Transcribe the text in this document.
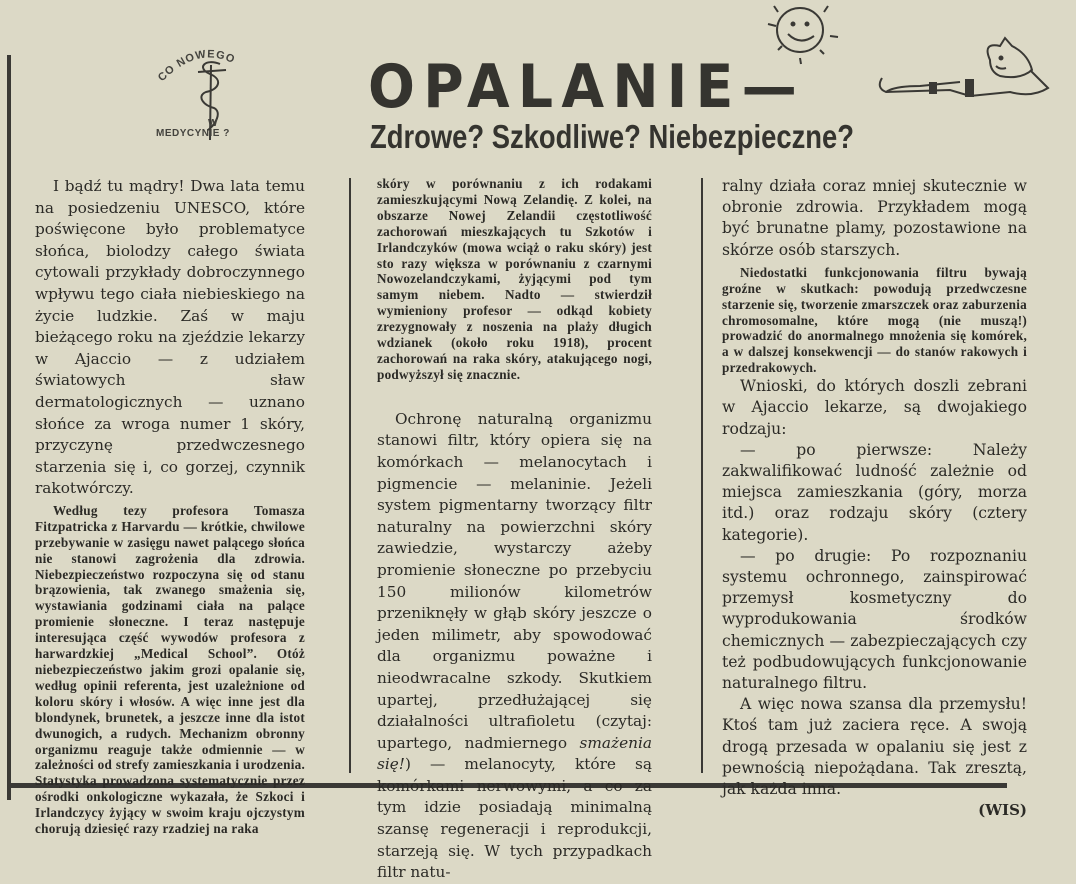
CO NOWEGO
W
MEDYCYNIE ?
OPALANIE—
Zdrowe? Szkodliwe? Niebezpieczne?

I bądź tu mądry! Dwa lata temu na posiedzeniu UNESCO, które poświęcone było problematyce słońca, biolodzy całego świata cytowali przykłady dobroczynnego wpływu tego ciała niebieskiego na życie ludzkie. Zaś w maju bieżącego roku na zjeździe lekarzy w Ajaccio — z udziałem światowych sław dermatologicznych — uznano słońce za wroga numer 1 skóry, przyczynę przedwczesnego starzenia się i, co gorzej, czynnik rakotwórczy.

Według tezy profesora Tomasza Fitzpatricka z Harvardu — krótkie, chwilowe przebywanie w zasięgu nawet palącego słońca nie stanowi zagrożenia dla zdrowia. Niebezpieczeństwo rozpoczyna się od stanu brązowienia, tak zwanego smażenia się, wystawiania godzinami ciała na palące promienie słoneczne. I teraz następuje interesująca część wywodów profesora z harwardzkiej „Medical School”. Otóż niebezpieczeństwo jakim grozi opalanie się, według opinii referenta, jest uzależnione od koloru skóry i włosów. A więc inne jest dla blondynek, brunetek, a jeszcze inne dla istot dwunogich, a rudych. Mechanizm obronny organizmu reaguje także odmiennie — w zależności od strefy zamieszkania i urodzenia. Statystyka prowadzona systematycznie przez ośrodki onkologiczne wykazała, że Szkoci i Irlandczycy żyjący w swoim kraju ojczystym chorują dziesięć razy rzadziej na raka

skóry w porównaniu z ich rodakami zamieszkującymi Nową Zelandię. Z kolei, na obszarze Nowej Zelandii częstotliwość zachorowań mieszkających tu Szkotów i Irlandczyków (mowa wciąż o raku skóry) jest sto razy większa w porównaniu z czarnymi Nowozelandczykami, żyjącymi pod tym samym niebem. Nadto — stwierdził wymieniony profesor — odkąd kobiety zrezygnowały z noszenia na plaży długich wdzianek (około roku 1918), procent zachorowań na raka skóry, atakującego nogi, podwyższył się znacznie.

Ochronę naturalną organizmu stanowi filtr, który opiera się na komórkach — melanocytach i pigmencie — melaninie. Jeżeli system pigmentarny tworzący filtr naturalny na powierzchni skóry zawiedzie, wystarczy ażeby promienie słoneczne po przebyciu 150 milionów kilometrów przeniknęły w głąb skóry jeszcze o jeden milimetr, aby spowodować dla organizmu poważne i nieodwracalne szkody. Skutkiem upartej, przedłużającej się działalności ultrafioletu (czytaj: upartego, nadmiernego smażenia się!) — melanocyty, które są komórkami nerwowymi, a co za tym idzie posiadają minimalną szansę regeneracji i reprodukcji, starzeją się. W tych przypadkach filtr natu-

ralny działa coraz mniej skutecznie w obronie zdrowia. Przykładem mogą być brunatne plamy, pozostawione na skórze osób starszych.

Niedostatki funkcjonowania filtru bywają groźne w skutkach: powodują przedwczesne starzenie się, tworzenie zmarszczek oraz zaburzenia chromosomalne, które mogą (nie muszą!) prowadzić do anormalnego mnożenia się komórek, a w dalszej konsekwencji — do stanów rakowych i przedrakowych.

Wnioski, do których doszli zebrani w Ajaccio lekarze, są dwojakiego rodzaju:

— po pierwsze: Należy zakwalifikować ludność zależnie od miejsca zamieszkania (góry, morza itd.) oraz rodzaju skóry (cztery kategorie).

— po drugie: Po rozpoznaniu systemu ochronnego, zainspirować przemysł kosmetyczny do wyprodukowania środków chemicznych — zabezpieczających czy też podbudowujących funkcjonowanie naturalnego filtru.

A więc nowa szansa dla przemysłu! Ktoś tam już zaciera ręce. A swoją drogą przesada w opalaniu się jest z pewnością niepożądana. Tak zresztą, jak każda inna.

(WIS)
